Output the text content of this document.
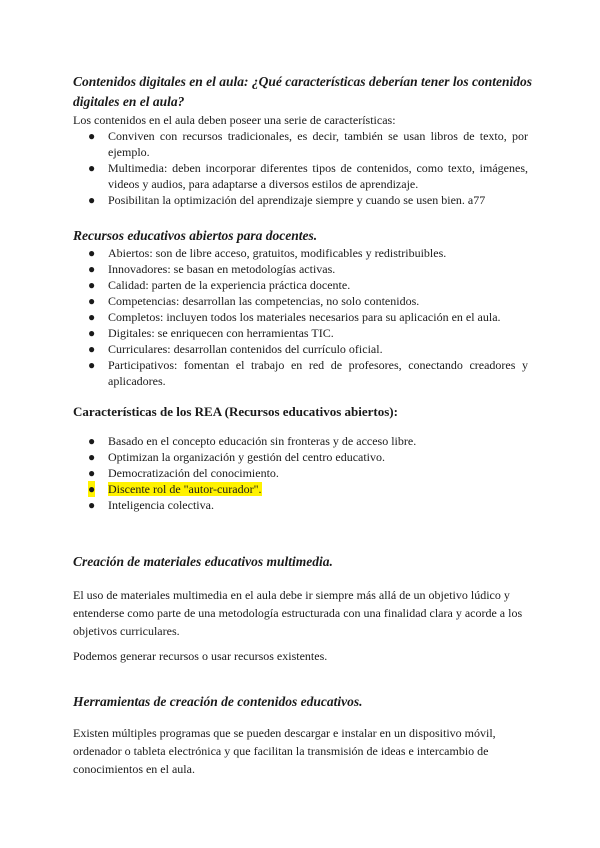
Contenidos digitales en el aula: ¿Qué características deberían tener los contenidos digitales en el aula?

Los contenidos en el aula deben poseer una serie de características:

● Conviven con recursos tradicionales, es decir, también se usan libros de texto, por ejemplo.
● Multimedia: deben incorporar diferentes tipos de contenidos, como texto, imágenes, videos y audios, para adaptarse a diversos estilos de aprendizaje.
● Posibilitan la optimización del aprendizaje siempre y cuando se usen bien. a77
Recursos educativos abiertos para docentes.
● Abiertos: son de libre acceso, gratuitos, modificables y redistribuibles.
● Innovadores: se basan en metodologías activas.
● Calidad: parten de la experiencia práctica docente.
● Competencias: desarrollan las competencias, no solo contenidos.
● Completos: incluyen todos los materiales necesarios para su aplicación en el aula.
● Digitales: se enriquecen con herramientas TIC.
● Curriculares: desarrollan contenidos del currículo oficial.
● Participativos: fomentan el trabajo en red de profesores, conectando creadores y aplicadores.
Características de los REA (Recursos educativos abiertos):
● Basado en el concepto educación sin fronteras y de acceso libre.
● Optimizan la organización y gestión del centro educativo.
● Democratización del conocimiento.
● Discente rol de "autor-curador".
● Inteligencia colectiva.
Creación de materiales educativos multimedia.

El uso de materiales multimedia en el aula debe ir siempre más allá de un objetivo lúdico y entenderse como parte de una metodología estructurada con una finalidad clara y acorde a los objetivos curriculares.

Podemos generar recursos o usar recursos existentes.

Herramientas de creación de contenidos educativos.

Existen múltiples programas que se pueden descargar e instalar en un dispositivo móvil, ordenador o tableta electrónica y que facilitan la transmisión de ideas e intercambio de conocimientos en el aula.
